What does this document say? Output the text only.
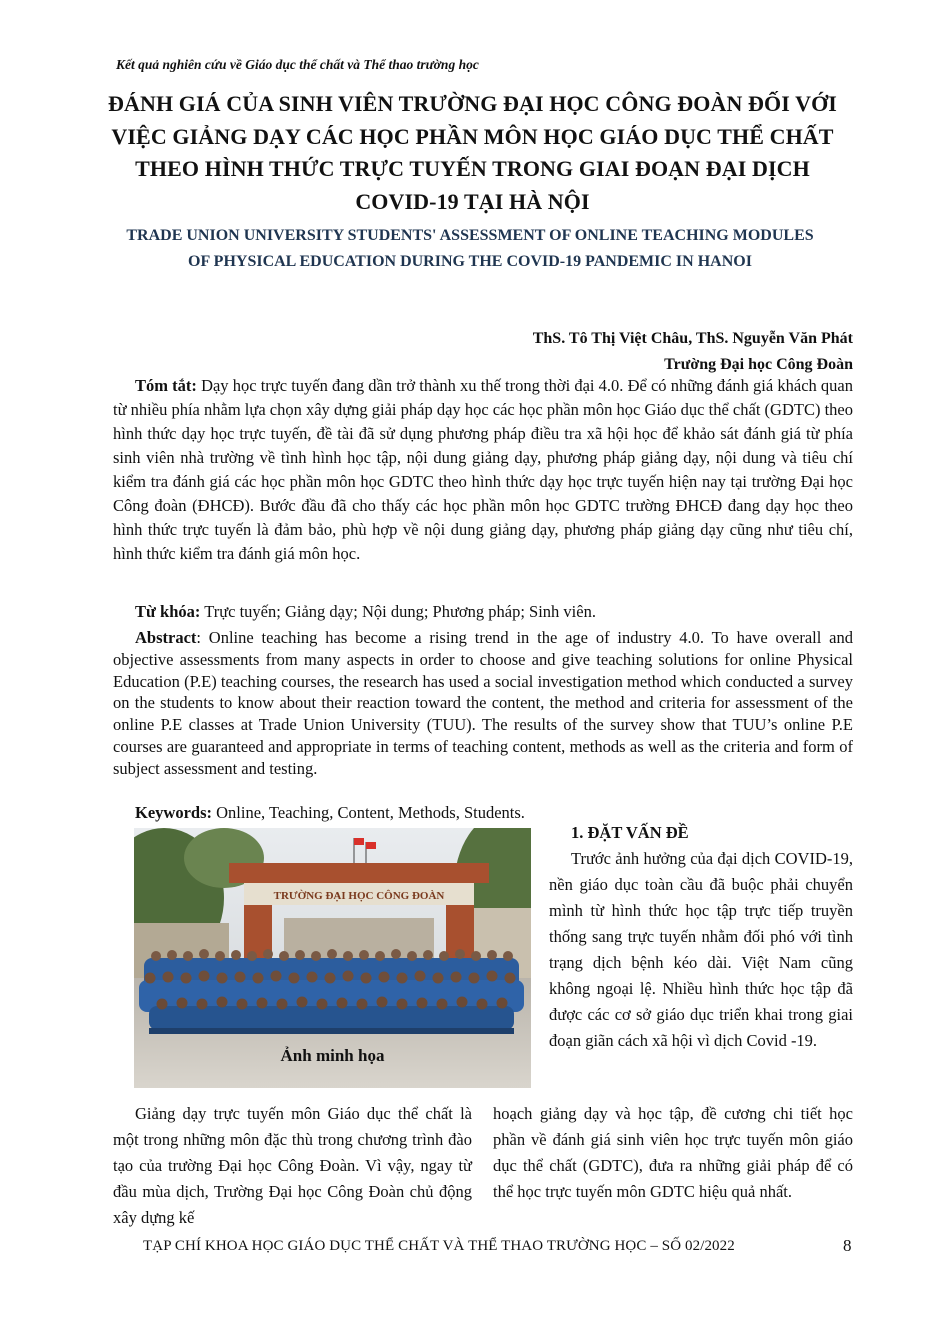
Kết quả nghiên cứu về Giáo dục thể chất và Thể thao trường học
ĐÁNH GIÁ CỦA SINH VIÊN TRƯỜNG ĐẠI HỌC CÔNG ĐOÀN ĐỐI VỚI VIỆC GIẢNG DẠY CÁC HỌC PHẦN MÔN HỌC GIÁO DỤC THỂ CHẤT THEO HÌNH THỨC TRỰC TUYẾN TRONG GIAI ĐOẠN ĐẠI DỊCH COVID-19 TẠI HÀ NỘI
TRADE UNION UNIVERSITY STUDENTS' ASSESSMENT OF ONLINE TEACHING MODULES OF PHYSICAL EDUCATION DURING THE COVID-19 PANDEMIC IN HANOI
ThS. Tô Thị Việt Châu, ThS. Nguyễn Văn Phát
Trường Đại học Công Đoàn
Tóm tắt: Dạy học trực tuyến đang dần trở thành xu thế trong thời đại 4.0. Để có những đánh giá khách quan từ nhiều phía nhằm lựa chọn xây dựng giải pháp dạy học các học phần môn học Giáo dục thể chất (GDTC) theo hình thức dạy học trực tuyến, đề tài đã sử dụng phương pháp điều tra xã hội học để khảo sát đánh giá từ phía sinh viên nhà trường về tình hình học tập, nội dung giảng dạy, phương pháp giảng dạy, nội dung và tiêu chí kiểm tra đánh giá các học phần môn học GDTC theo hình thức dạy học trực tuyến hiện nay tại trường Đại học Công đoàn (ĐHCĐ). Bước đầu đã cho thấy các học phần môn học GDTC trường ĐHCĐ đang dạy học theo hình thức trực tuyến là đảm bảo, phù hợp về nội dung giảng dạy, phương pháp giảng dạy cũng như tiêu chí, hình thức kiểm tra đánh giá môn học.
Từ khóa: Trực tuyến; Giảng dạy; Nội dung; Phương pháp; Sinh viên.
Abstract: Online teaching has become a rising trend in the age of industry 4.0. To have overall and objective assessments from many aspects in order to choose and give teaching solutions for online Physical Education (P.E) teaching courses, the research has used a social investigation method which conducted a survey on the students to know about their reaction toward the content, the method and criteria for assessment of the online P.E classes at Trade Union University (TUU). The results of the survey show that TUU’s online P.E courses are guaranteed and appropriate in terms of teaching content, methods as well as the criteria and form of subject assessment and testing.
Keywords: Online, Teaching, Content, Methods, Students.
TRƯỜNG ĐẠI HỌC CÔNG ĐOÀN
Ảnh minh họa
1. ĐẶT VẤN ĐỀ
Trước ảnh hưởng của đại dịch COVID-19, nền giáo dục toàn cầu đã buộc phải chuyển mình từ hình thức học tập trực tiếp truyền thống sang trực tuyến nhằm đối phó với tình trạng dịch bệnh kéo dài. Việt Nam cũng không ngoại lệ. Nhiều hình thức học tập đã được các cơ sở giáo dục triển khai trong giai đoạn giãn cách xã hội vì dịch Covid -19.
Giảng dạy trực tuyến môn Giáo dục thể chất là một trong những môn đặc thù trong chương trình đào tạo của trường Đại học Công Đoàn. Vì vậy, ngay từ đầu mùa dịch, Trường Đại học Công Đoàn chủ động xây dựng kế
hoạch giảng dạy và học tập, đề cương chi tiết học phần về đánh giá sinh viên học trực tuyến môn giáo dục thể chất (GDTC), đưa ra những giải pháp để có thể học trực tuyến môn GDTC hiệu quả nhất.
TẠP CHÍ KHOA HỌC GIÁO DỤC THỂ CHẤT VÀ THỂ THAO TRƯỜNG HỌC – SỐ 02/2022	8
